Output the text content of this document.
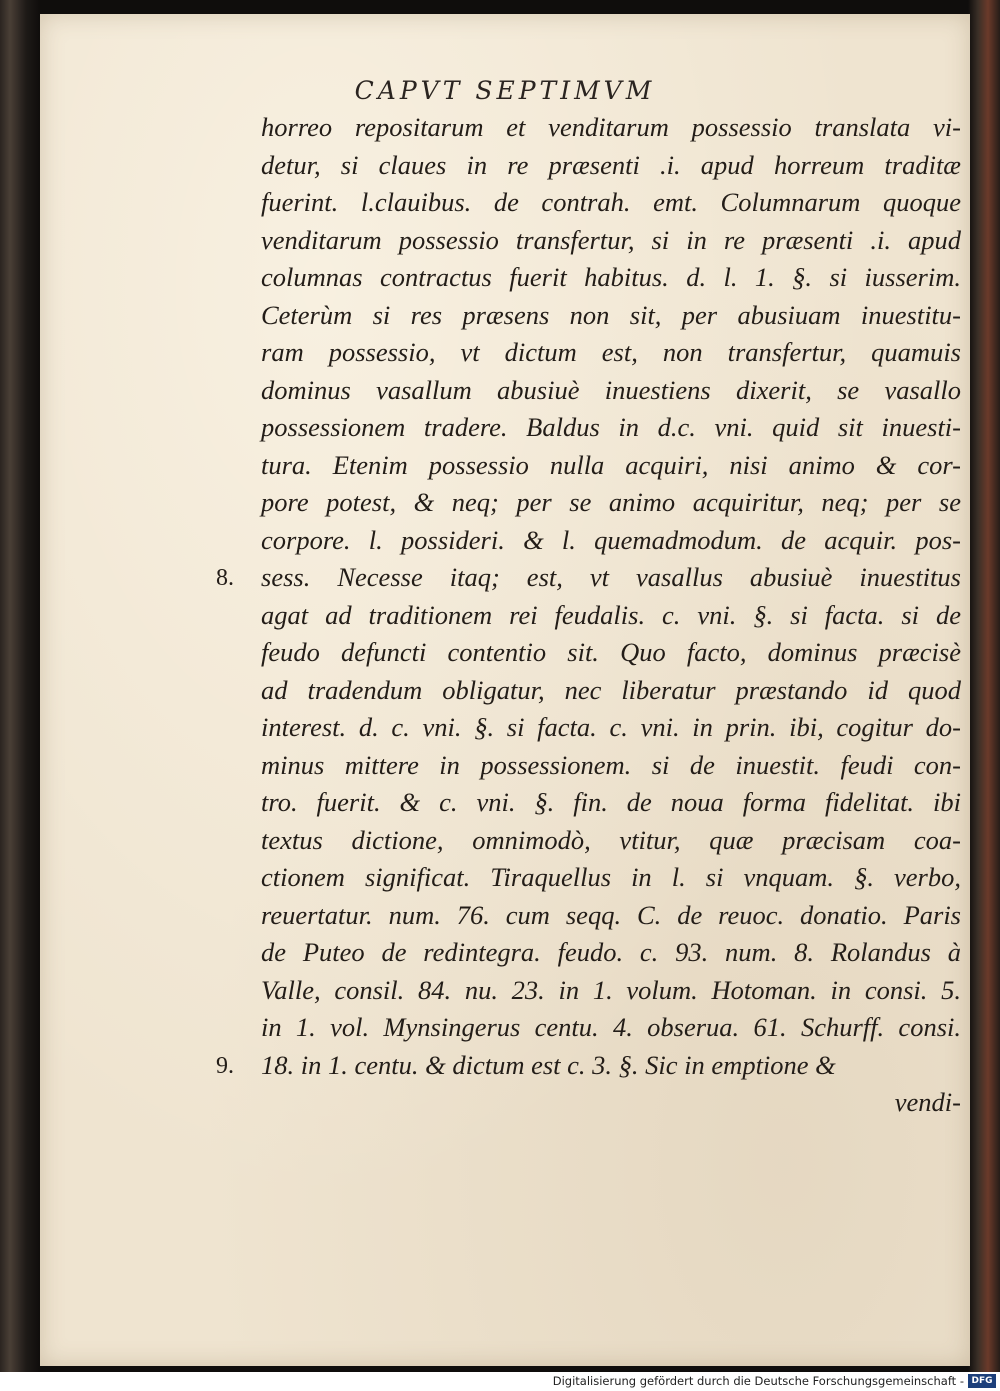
CAPVT SEPTIMVM
horreo repositarum et venditarum possessio translata vi-
detur, si claues in re præsenti .i. apud horreum traditæ
fuerint. l.clauibus. de contrah. emt. Columnarum quoque
venditarum possessio transfertur, si in re præsenti .i. apud
columnas contractus fuerit habitus. d. l. 1. §. si iusserim.
Ceterùm si res præsens non sit, per abusiuam inuestitu-
ram possessio, vt dictum est, non transfertur, quamuis
dominus vasallum abusiuè inuestiens dixerit, se vasallo
possessionem tradere. Baldus in d.c. vni. quid sit inuesti-
tura. Etenim possessio nulla acquiri, nisi animo & cor-
pore potest, & neq; per se animo acquiritur, neq; per se
corpore. l. possideri. & l. quemadmodum. de acquir. pos-
sess. Necesse itaq; est, vt vasallus abusiuè inuestitus
agat ad traditionem rei feudalis. c. vni. §. si facta. si de
feudo defuncti contentio sit. Quo facto, dominus præcisè
ad tradendum obligatur, nec liberatur præstando id quod
interest. d. c. vni. §. si facta. c. vni. in prin. ibi, cogitur do-
minus mittere in possessionem. si de inuestit. feudi con-
tro. fuerit. & c. vni. §. fin. de noua forma fidelitat. ibi
textus dictione, omnimodò, vtitur, quæ præcisam coa-
ctionem significat. Tiraquellus in l. si vnquam. §. verbo,
reuertatur. num. 76. cum seqq. C. de reuoc. donatio. Paris
de Puteo de redintegra. feudo. c. 93. num. 8. Rolandus à
Valle, consil. 84. nu. 23. in 1. volum. Hotoman. in consi. 5.
in 1. vol. Mynsingerus centu. 4. obserua. 61. Schurff. consi.
18. in 1. centu. & dictum est c. 3. §. Sic in emptione &
vendi-
8.
9.
Digitalisierung gefördert durch die Deutsche Forschungsgemeinschaft - DFG
